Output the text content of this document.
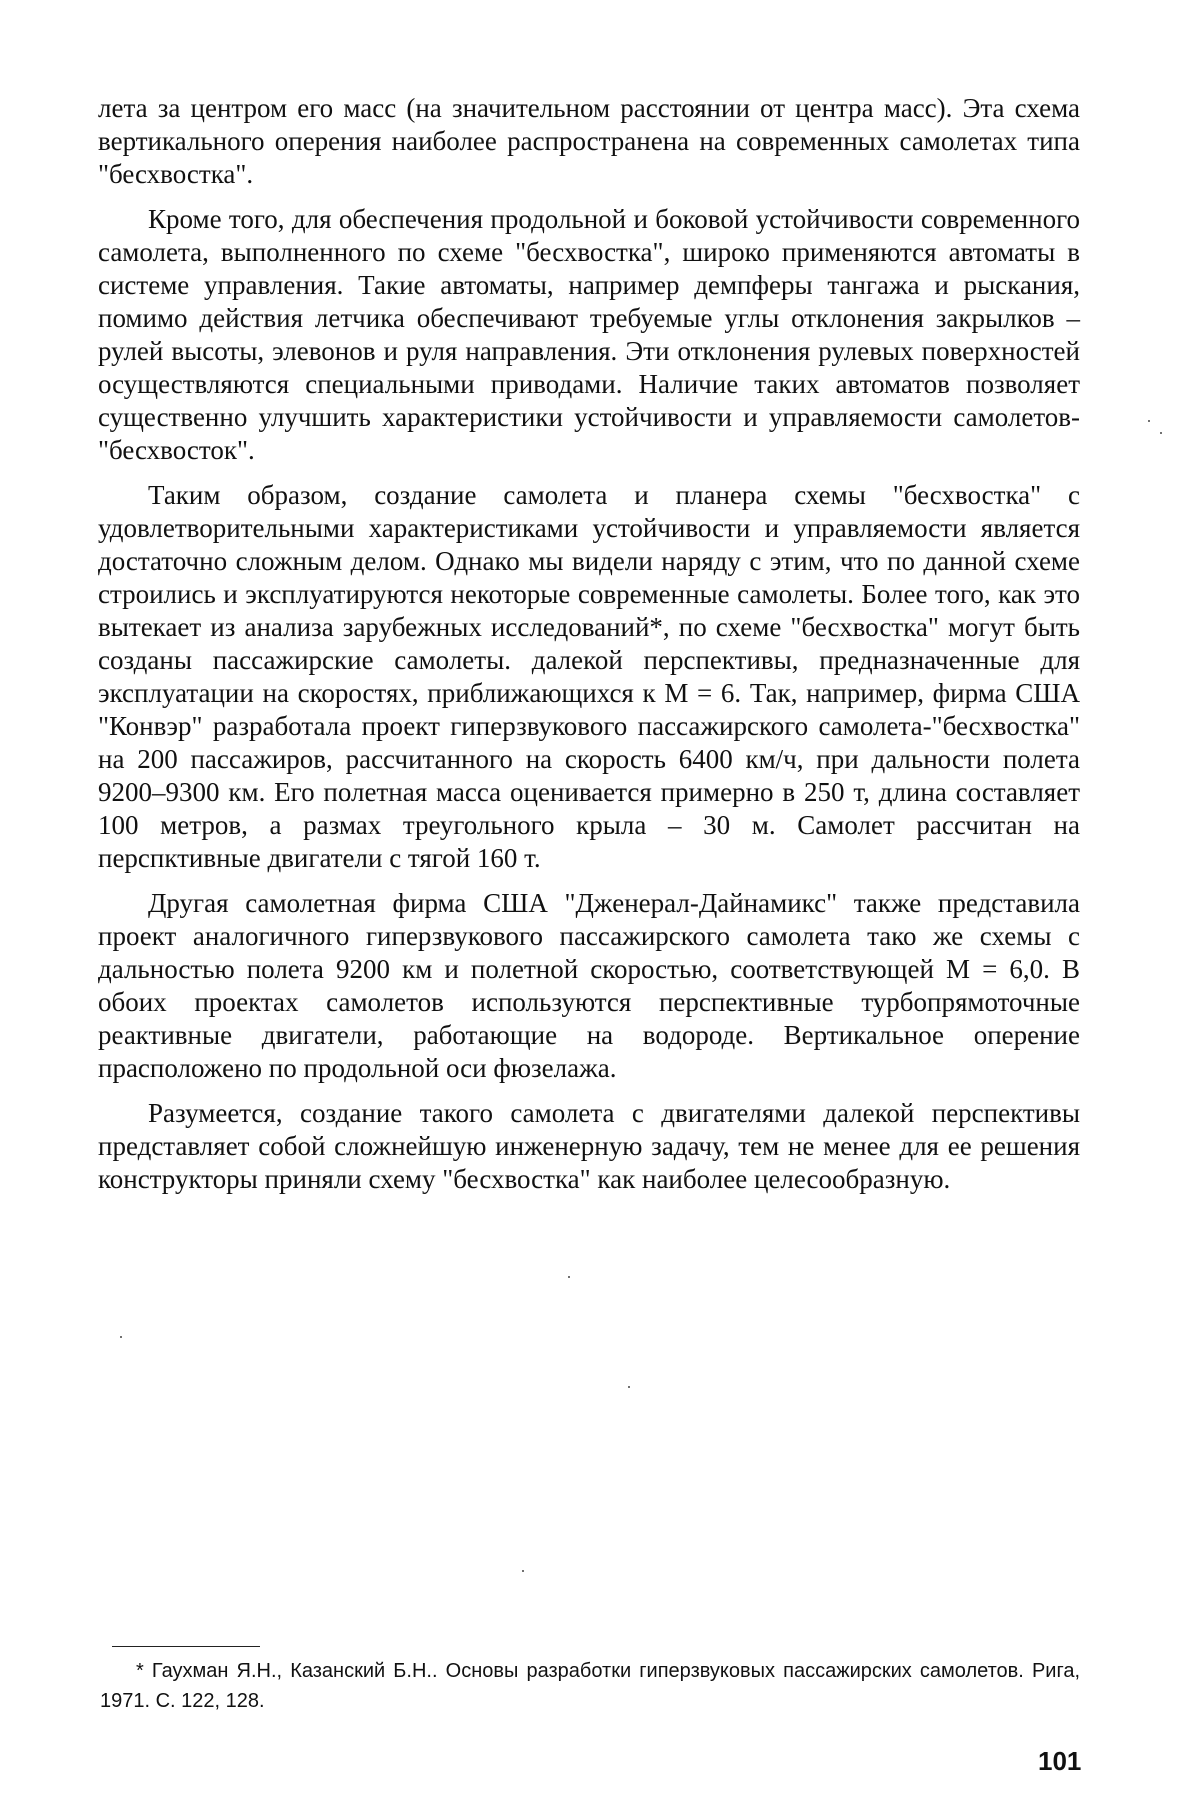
лета за центром его масс (на значительном расстоянии от центра масс). Эта схема вертикального оперения наиболее распространена на современных самолетах типа "бесхвостка".

Кроме того, для обеспечения продольной и боковой устойчивости современного самолета, выполненного по схеме "бесхвостка", широко применяются автоматы в системе управления. Такие автоматы, например демпферы тангажа и рыскания, помимо действия летчика обеспечивают требуемые углы отклонения закрылков – рулей высоты, элевонов и руля направления. Эти отклонения рулевых поверхностей осуществляются специальными приводами. Наличие таких автоматов позволяет существенно улучшить характеристики устойчивости и управляемости самолетов-"бесхвосток".

Таким образом, создание самолета и планера схемы "бесхвостка" с удовлетворительными характеристиками устойчивости и управляемости является достаточно сложным делом. Однако мы видели наряду с этим, что по данной схеме строились и эксплуатируются некоторые современные самолеты. Более того, как это вытекает из анализа зарубежных исследований*, по схеме "бесхвостка" могут быть созданы пассажирские самолеты. далекой перспективы, предназначенные для эксплуатации на скоростях, приближающихся к М = 6. Так, например, фирма США "Конвэр" разработала проект гиперзвукового пассажирского самолета-"бесхвостка" на 200 пассажиров, рассчитанного на скорость 6400 км/ч, при дальности полета 9200–9300 км. Его полетная масса оценивается примерно в 250 т, длина составляет 100 метров, а размах треугольного крыла – 30 м. Самолет рассчитан на перспктивные двигатели с тягой 160 т.

Другая самолетная фирма США "Дженерал-Дайнамикс" также представила проект аналогичного гиперзвукового пассажирского самолета тако же схемы с дальностью полета 9200 км и полетной скоростью, соответствующей М = 6,0. В обоих проектах самолетов используются перспективные турбопрямоточные реактивные двигатели, работающие на водороде. Вертикальное оперение прасположено по продольной оси фюзелажа.

Разумеется, создание такого самолета с двигателями далекой перспективы представляет собой сложнейшую инженерную задачу, тем не менее для ее решения конструкторы приняли схему "бесхвостка" как наиболее целесообразную.

* Гаухман Я.Н., Казанский Б.Н.. Основы разработки гиперзвуковых пассажирских самолетов. Рига, 1971. С. 122, 128.

101
